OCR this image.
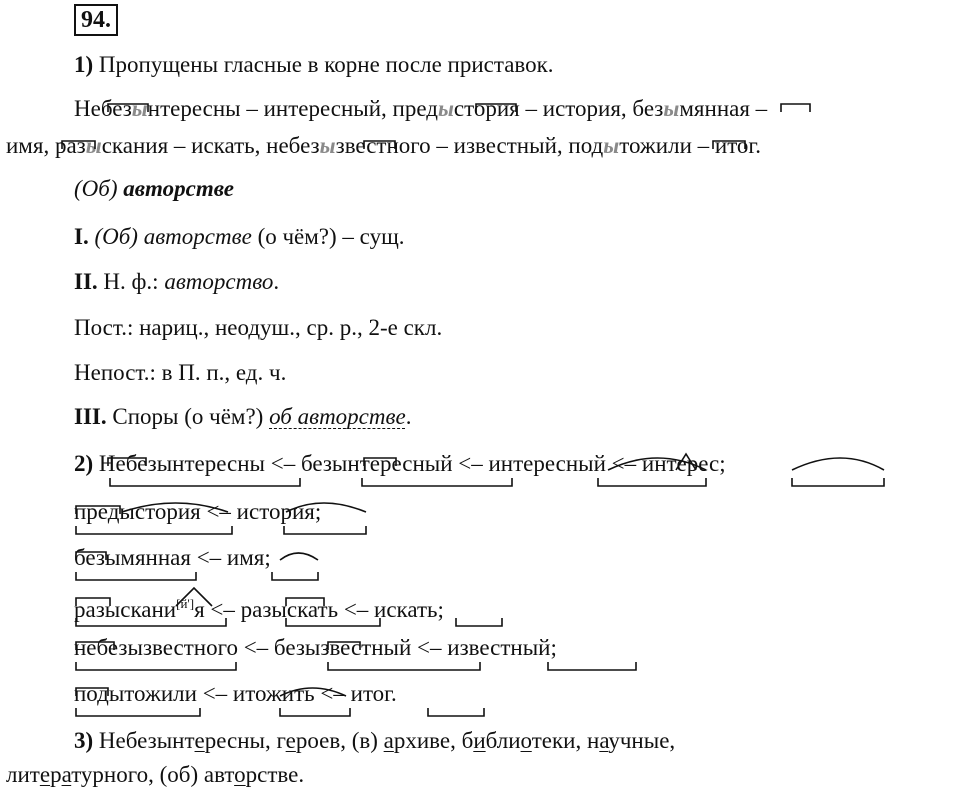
94.
1) Пропущены гласные в корне после приставок.
Небезынтересны – интересный, предыстория – история, безымянная –
имя, разыскания – искать, небезызвестного – известный, подытожили – итог.
(Об) авторстве
I. (Об) авторстве (о чём?) – сущ.
II. Н. ф.: авторство.
Пост.: нариц., неодуш., ср. р., 2-е скл.
Непост.: в П. п., ед. ч.
III. Споры (о чём?) об авторстве.
2) Небезынтересны <– безынтересный <– интересный <– интерес;
предыстория <– история;
безымянная <– имя;
разыскани[й']я <– разыскать <– искать;
небезызвестного <– безызвестный <– известный;
подытожили <– итожить <– итог.
3) Небезынтересны, героев, (в) архиве, библиотеки, научные,
литературного, (об) авторстве.
